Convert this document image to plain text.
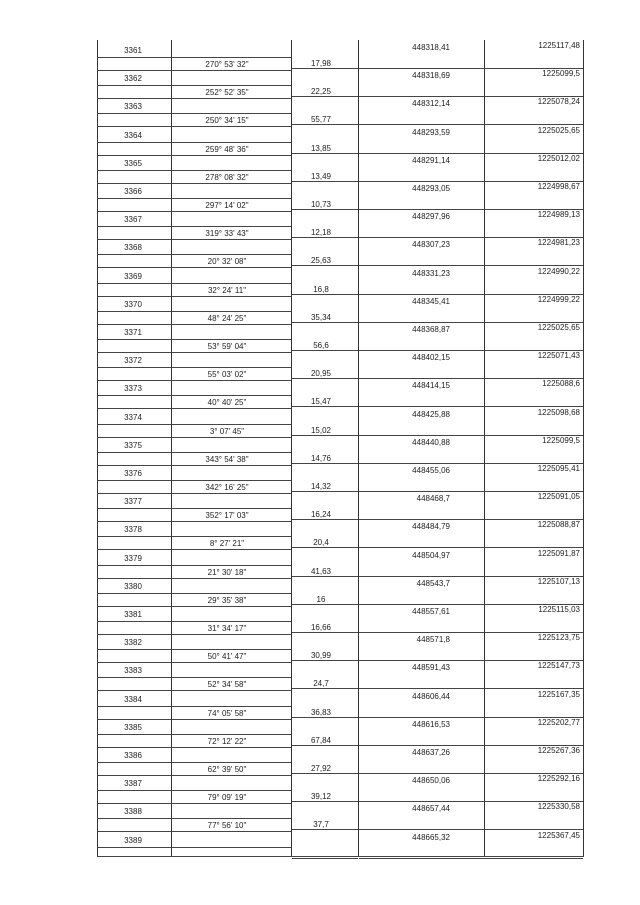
3361	448318,41	1225117,48
270° 53' 32"	17,98
3362	448318,69	1225099,5
252° 52' 35"	22,25
3363	448312,14	1225078,24
250° 34' 15"	55,77
3364	448293,59	1225025,65
259° 48' 36"	13,85
3365	448291,14	1225012,02
278° 08' 32"	13,49
3366	448293,05	1224998,67
297° 14' 02"	10,73
3367	448297,96	1224989,13
319° 33' 43"	12,18
3368	448307,23	1224981,23
20° 32' 08"	25,63
3369	448331,23	1224990,22
32° 24' 11"	16,8
3370	448345,41	1224999,22
48° 24' 25"	35,34
3371	448368,87	1225025,65
53° 59' 04"	56,6
3372	448402,15	1225071,43
55° 03' 02"	20,95
3373	448414,15	1225088,6
40° 40' 25"	15,47
3374	448425,88	1225098,68
3° 07' 45"	15,02
3375	448440,88	1225099,5
343° 54' 38"	14,76
3376	448455,06	1225095,41
342° 16' 25"	14,32
3377	448468,7	1225091,05
352° 17' 03"	16,24
3378	448484,79	1225088,87
8° 27' 21"	20,4
3379	448504,97	1225091,87
21° 30' 18"	41,63
3380	448543,7	1225107,13
29° 35' 38"	16
3381	448557,61	1225115,03
31° 34' 17"	16,66
3382	448571,8	1225123,75
50° 41' 47"	30,99
3383	448591,43	1225147,73
52° 34' 58"	24,7
3384	448606,44	1225167,35
74° 05' 58"	36,83
3385	448616,53	1225202,77
72° 12' 22"	67,84
3386	448637,26	1225267,36
62° 39' 50"	27,92
3387	448650,06	1225292,16
79° 09' 19"	39,12
3388	448657,44	1225330,58
77° 56' 10"	37,7
3389	448665,32	1225367,45
